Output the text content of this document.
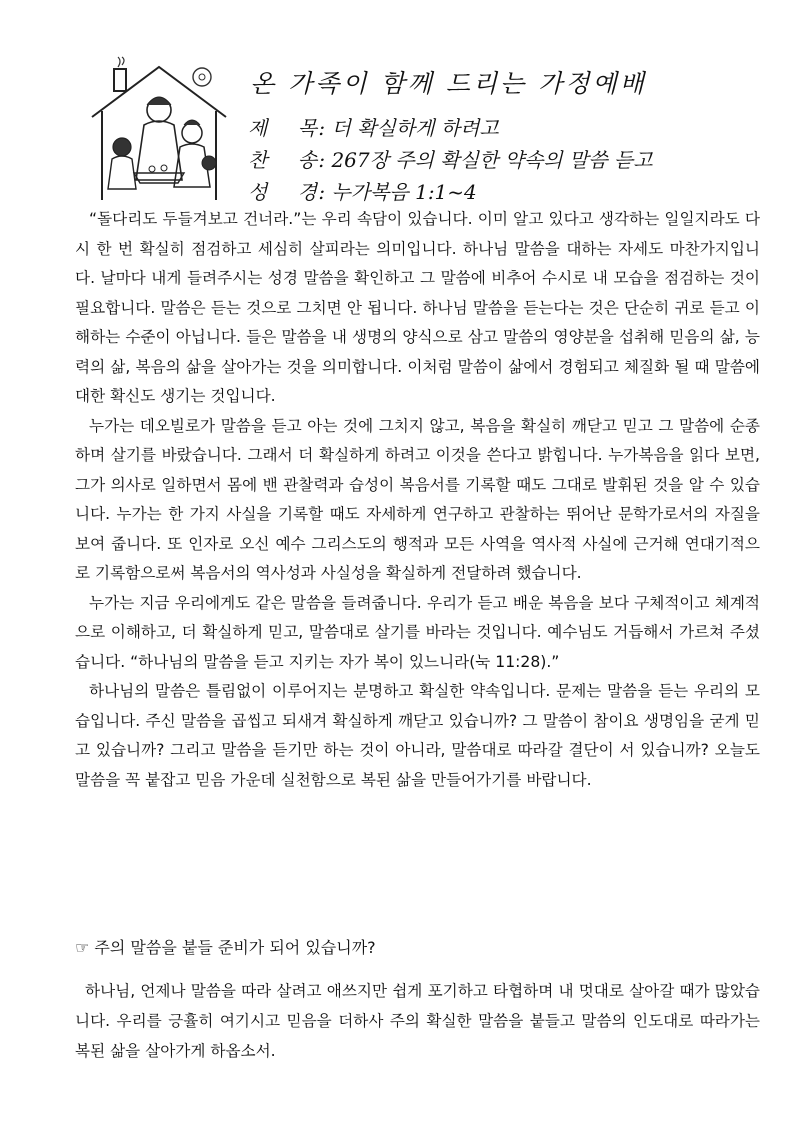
온 가족이 함께 드리는 가정예배
제 목 : 더 확실하게 하려고
찬 송 : 267장 주의 확실한 약속의 말씀 듣고
성 경 : 누가복음 1:1~4

“돌다리도 두들겨보고 건너라.”는 우리 속담이 있습니다. 이미 알고 있다고 생각하는 일일지라도 다시 한 번 확실히 점검하고 세심히 살피라는 의미입니다. 하나님 말씀을 대하는 자세도 마찬가지입니다. 날마다 내게 들려주시는 성경 말씀을 확인하고 그 말씀에 비추어 수시로 내 모습을 점검하는 것이 필요합니다. 말씀은 듣는 것으로 그치면 안 됩니다. 하나님 말씀을 듣는다는 것은 단순히 귀로 듣고 이해하는 수준이 아닙니다. 들은 말씀을 내 생명의 양식으로 삼고 말씀의 영양분을 섭취해 믿음의 삶, 능력의 삶, 복음의 삶을 살아가는 것을 의미합니다. 이처럼 말씀이 삶에서 경험되고 체질화 될 때 말씀에 대한 확신도 생기는 것입니다.

누가는 데오빌로가 말씀을 듣고 아는 것에 그치지 않고, 복음을 확실히 깨닫고 믿고 그 말씀에 순종하며 살기를 바랐습니다. 그래서 더 확실하게 하려고 이것을 쓴다고 밝힙니다. 누가복음을 읽다 보면, 그가 의사로 일하면서 몸에 밴 관찰력과 습성이 복음서를 기록할 때도 그대로 발휘된 것을 알 수 있습니다. 누가는 한 가지 사실을 기록할 때도 자세하게 연구하고 관찰하는 뛰어난 문학가로서의 자질을 보여 줍니다. 또 인자로 오신 예수 그리스도의 행적과 모든 사역을 역사적 사실에 근거해 연대기적으로 기록함으로써 복음서의 역사성과 사실성을 확실하게 전달하려 했습니다.

누가는 지금 우리에게도 같은 말씀을 들려줍니다. 우리가 듣고 배운 복음을 보다 구체적이고 체계적으로 이해하고, 더 확실하게 믿고, 말씀대로 살기를 바라는 것입니다. 예수님도 거듭해서 가르쳐 주셨습니다. “하나님의 말씀을 듣고 지키는 자가 복이 있느니라(눅 11:28).”

하나님의 말씀은 틀림없이 이루어지는 분명하고 확실한 약속입니다. 문제는 말씀을 듣는 우리의 모습입니다. 주신 말씀을 곱씹고 되새겨 확실하게 깨닫고 있습니까? 그 말씀이 참이요 생명임을 굳게 믿고 있습니까? 그리고 말씀을 듣기만 하는 것이 아니라, 말씀대로 따라갈 결단이 서 있습니까? 오늘도 말씀을 꼭 붙잡고 믿음 가운데 실천함으로 복된 삶을 만들어가기를 바랍니다.

☞ 주의 말씀을 붙들 준비가 되어 있습니까?
하나님, 언제나 말씀을 따라 살려고 애쓰지만 쉽게 포기하고 타협하며 내 멋대로 살아갈 때가 많았습니다. 우리를 긍휼히 여기시고 믿음을 더하사 주의 확실한 말씀을 붙들고 말씀의 인도대로 따라가는 복된 삶을 살아가게 하옵소서.
